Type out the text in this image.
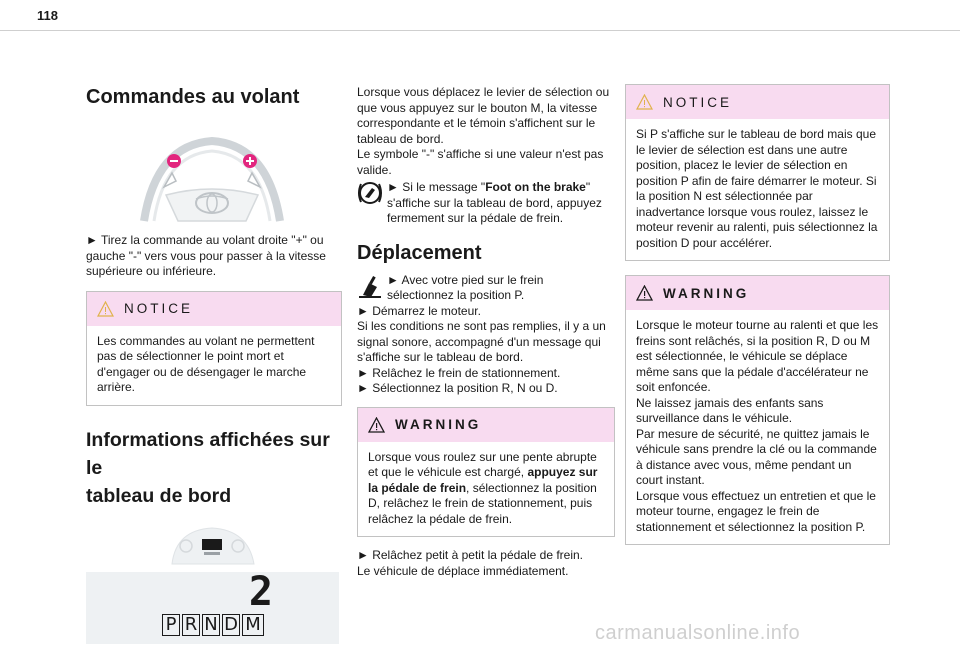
118
Commandes au volant
► Tirez la commande au volant droite "+" ou gauche "-" vers vous pour passer à la vitesse supérieure ou inférieure.
NOTICE
Les commandes au volant ne permettent pas de sélectionner le point mort et d'engager ou de désengager le marche arrière.
Informations affichées sur le
tableau de bord
2
P R N D M
Lorsque vous déplacez le levier de sélection ou que vous appuyez sur le bouton M, la vitesse correspondante et le témoin s'affichent sur le tableau de bord.
Le symbole "-" s'affiche si une valeur n'est pas valide.
► Si le message "Foot on the brake" s'affiche sur la tableau de bord, appuyez fermement sur la pédale de frein.
Déplacement
► Avec votre pied sur le frein sélectionnez la position P.
► Démarrez le moteur.
Si les conditions ne sont pas remplies, il y a un signal sonore, accompagné d'un message qui s'affiche sur le tableau de bord.
► Relâchez le frein de stationnement.
► Sélectionnez la position R, N ou D.
WARNING
Lorsque vous roulez sur une pente abrupte et que le véhicule est chargé, appuyez sur la pédale de frein, sélectionnez la position D, relâchez le frein de stationnement, puis relâchez la pédale de frein.
► Relâchez petit à petit la pédale de frein.
Le véhicule de déplace immédiatement.
NOTICE
Si P s'affiche sur le tableau de bord mais que le levier de sélection est dans une autre position, placez le levier de sélection en position P afin de faire démarrer le moteur. Si la position N est sélectionnée par inadvertance lorsque vous roulez, laissez le moteur revenir au ralenti, puis sélectionnez la position D pour accélérer.
WARNING
Lorsque le moteur tourne au ralenti et que les freins sont relâchés, si la position R, D ou M est sélectionnée, le véhicule se déplace même sans que la pédale d'accélérateur ne soit enfoncée.
Ne laissez jamais des enfants sans surveillance dans le véhicule.
Par mesure de sécurité, ne quittez jamais le véhicule sans prendre la clé ou la commande à distance avec vous, même pendant un court instant.
Lorsque vous effectuez un entretien et que le moteur tourne, engagez le frein de stationnement et sélectionnez la position P.
carmanualsonline.info
